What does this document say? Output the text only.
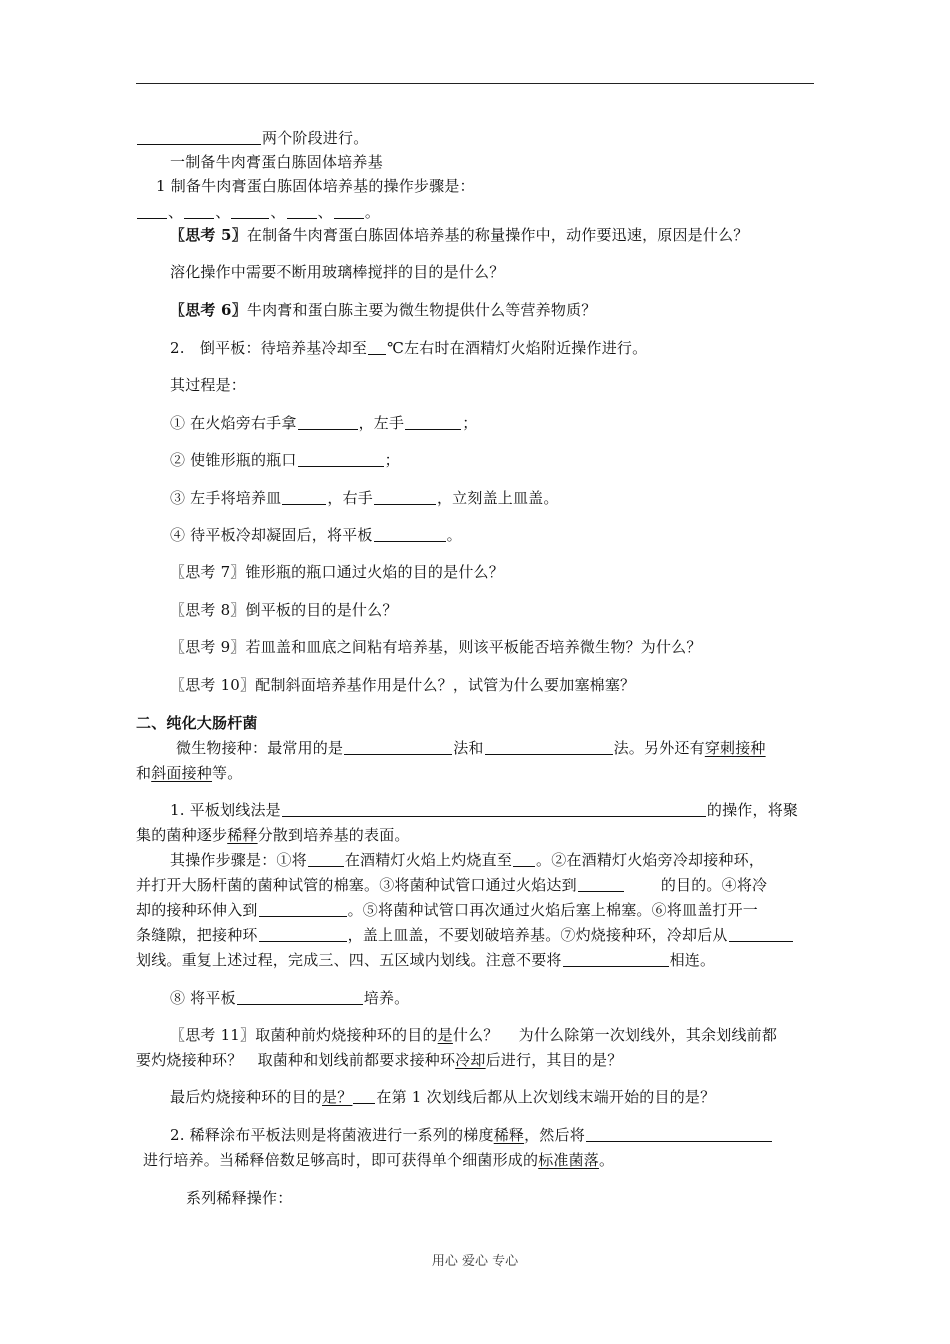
两个阶段进行。
一制备牛肉膏蛋白胨固体培养基
1 制备牛肉膏蛋白胨固体培养基的操作步骤是：
、 、	、 、 。
〖思考 5〗在制备牛肉膏蛋白胨固体培养基的称量操作中，动作要迅速，原因是什么？
溶化操作中需要不断用玻璃棒搅拌的目的是什么？
〖思考 6〗牛肉膏和蛋白胨主要为微生物提供什么等营养物质？
2.　倒平板：待培养基冷却至 ℃左右时在酒精灯火焰附近操作进行。
其过程是：
① 在火焰旁右手拿	，左手	；
② 使锥形瓶的瓶口	；
③ 左手将培养皿	，右手	，立刻盖上皿盖。
④ 待平板冷却凝固后，将平板	。
〖思考 7〗锥形瓶的瓶口通过火焰的目的是什么？
〖思考 8〗倒平板的目的是什么？
〖思考 9〗若皿盖和皿底之间粘有培养基，则该平板能否培养微生物？为什么？
〖思考 10〗配制斜面培养基作用是什么？，试管为什么要加塞棉塞？
二、纯化大肠杆菌
微生物接种：最常用的是	法和	法。另外还有穿刺接种
和斜面接种等。
1. 平板划线法是	的操作，将聚
集的菌种逐步稀释分散到培养基的表面。
其操作步骤是：①将	在酒精灯火焰上灼烧直至 。②在酒精灯火焰旁冷却接种环，
并打开大肠杆菌的菌种试管的棉塞。③将菌种试管口通过火焰达到	的目的。④将冷
却的接种环伸入到	。⑤将菌种试管口再次通过火焰后塞上棉塞。⑥将皿盖打开一
条缝隙，把接种环	，盖上皿盖，不要划破培养基。⑦灼烧接种环，冷却后从
划线。重复上述过程，完成三、四、五区域内划线。注意不要将	相连。
⑧ 将平板	培养。
〖思考 11〗取菌种前灼烧接种环的目的是什么？　 为什么除第一次划线外，其余划线前都
要灼烧接种环？　取菌种和划线前都要求接种环冷却后进行，其目的是？
最后灼烧接种环的目的是？ 在第 1 次划线后都从上次划线末端开始的目的是？
2. 稀释涂布平板法则是将菌液进行一系列的梯度稀释，然后将
进行培养。当稀释倍数足够高时，即可获得单个细菌形成的标准菌落。
系列稀释操作：
用心 爱心 专心
